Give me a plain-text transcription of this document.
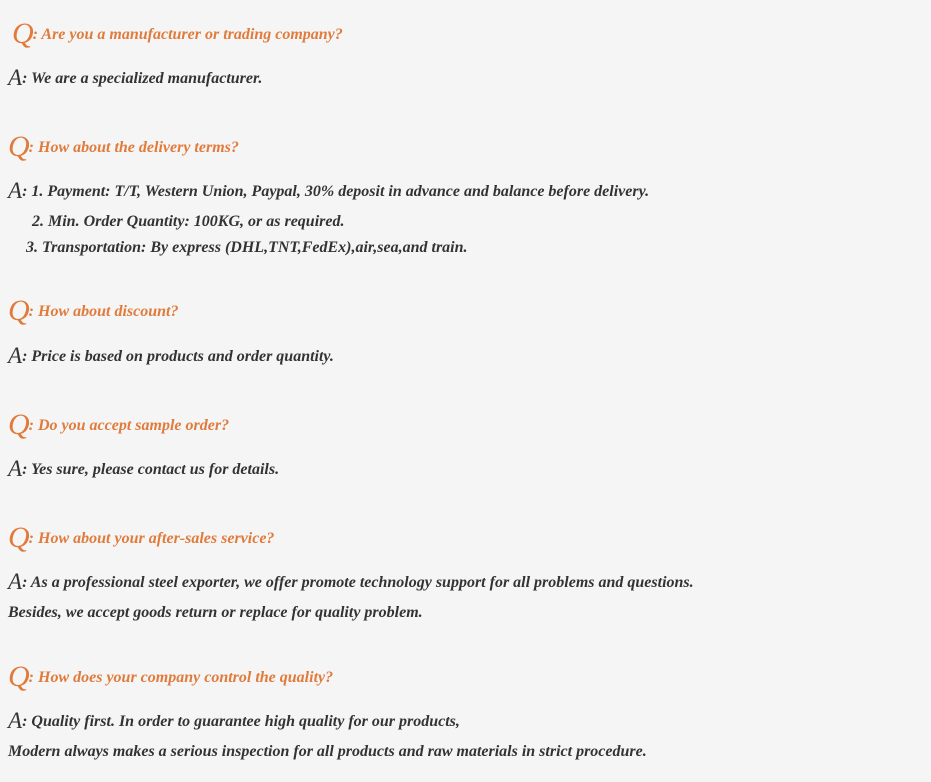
Q: Are you a manufacturer or trading company?
A: We are a specialized manufacturer.
Q: How about the delivery terms?
A: 1. Payment: T/T, Western Union, Paypal, 30% deposit in advance and balance before delivery.
2. Min. Order Quantity: 100KG, or as required.
3. Transportation: By express (DHL,TNT,FedEx),air,sea,and train.
Q: How about discount?
A: Price is based on products and order quantity.
Q: Do you accept sample order?
A: Yes sure, please contact us for details.
Q: How about your after-sales service?
A: As a professional steel exporter, we offer promote technology support for all problems and questions.
Besides, we accept goods return or replace for quality problem.
Q: How does your company control the quality?
A: Quality first. In order to guarantee high quality for our products,
Modern always makes a serious inspection for all products and raw materials in strict procedure.
